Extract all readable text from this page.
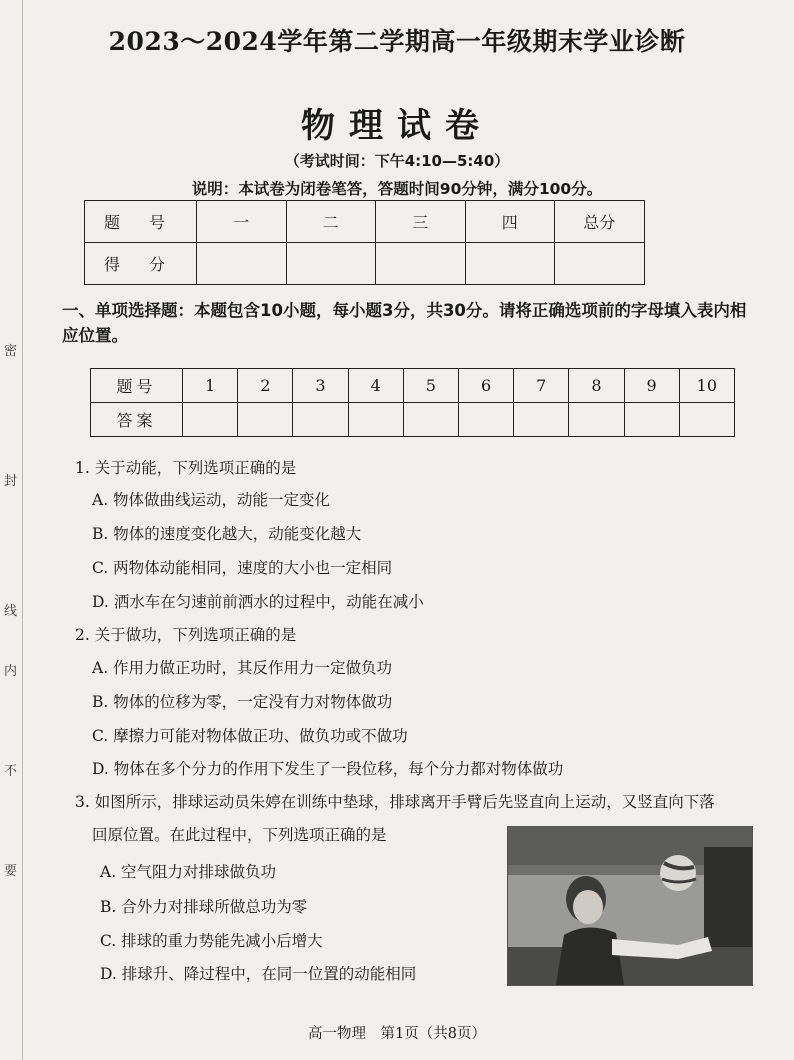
密
封
线
内
不
要
2023～2024学年第二学期高一年级期末学业诊断
物理试卷
（考试时间：下午4:10—5:40）
说明：本试卷为闭卷笔答，答题时间90分钟，满分100分。
题 号	一	二	三	四	总分
得 分					
一、单项选择题：本题包含10小题，每小题3分，共30分。请将正确选项前的字母填入表内相应位置。
题号	1	2	3	4	5	6	7	8	9	10
答案										
1. 关于动能，下列选项正确的是
A. 物体做曲线运动，动能一定变化
B. 物体的速度变化越大，动能变化越大
C. 两物体动能相同，速度的大小也一定相同
D. 洒水车在匀速前前洒水的过程中，动能在减小
2. 关于做功，下列选项正确的是
A. 作用力做正功时，其反作用力一定做负功
B. 物体的位移为零，一定没有力对物体做功
C. 摩擦力可能对物体做正功、做负功或不做功
D. 物体在多个分力的作用下发生了一段位移，每个分力都对物体做功
3. 如图所示，排球运动员朱婷在训练中垫球，排球离开手臂后先竖直向上运动，又竖直向下落
回原位置。在此过程中，下列选项正确的是
A. 空气阻力对排球做负功
B. 合外力对排球所做总功为零
C. 排球的重力势能先减小后增大
D. 排球升、降过程中，在同一位置的动能相同
高一物理　第1页（共8页）
